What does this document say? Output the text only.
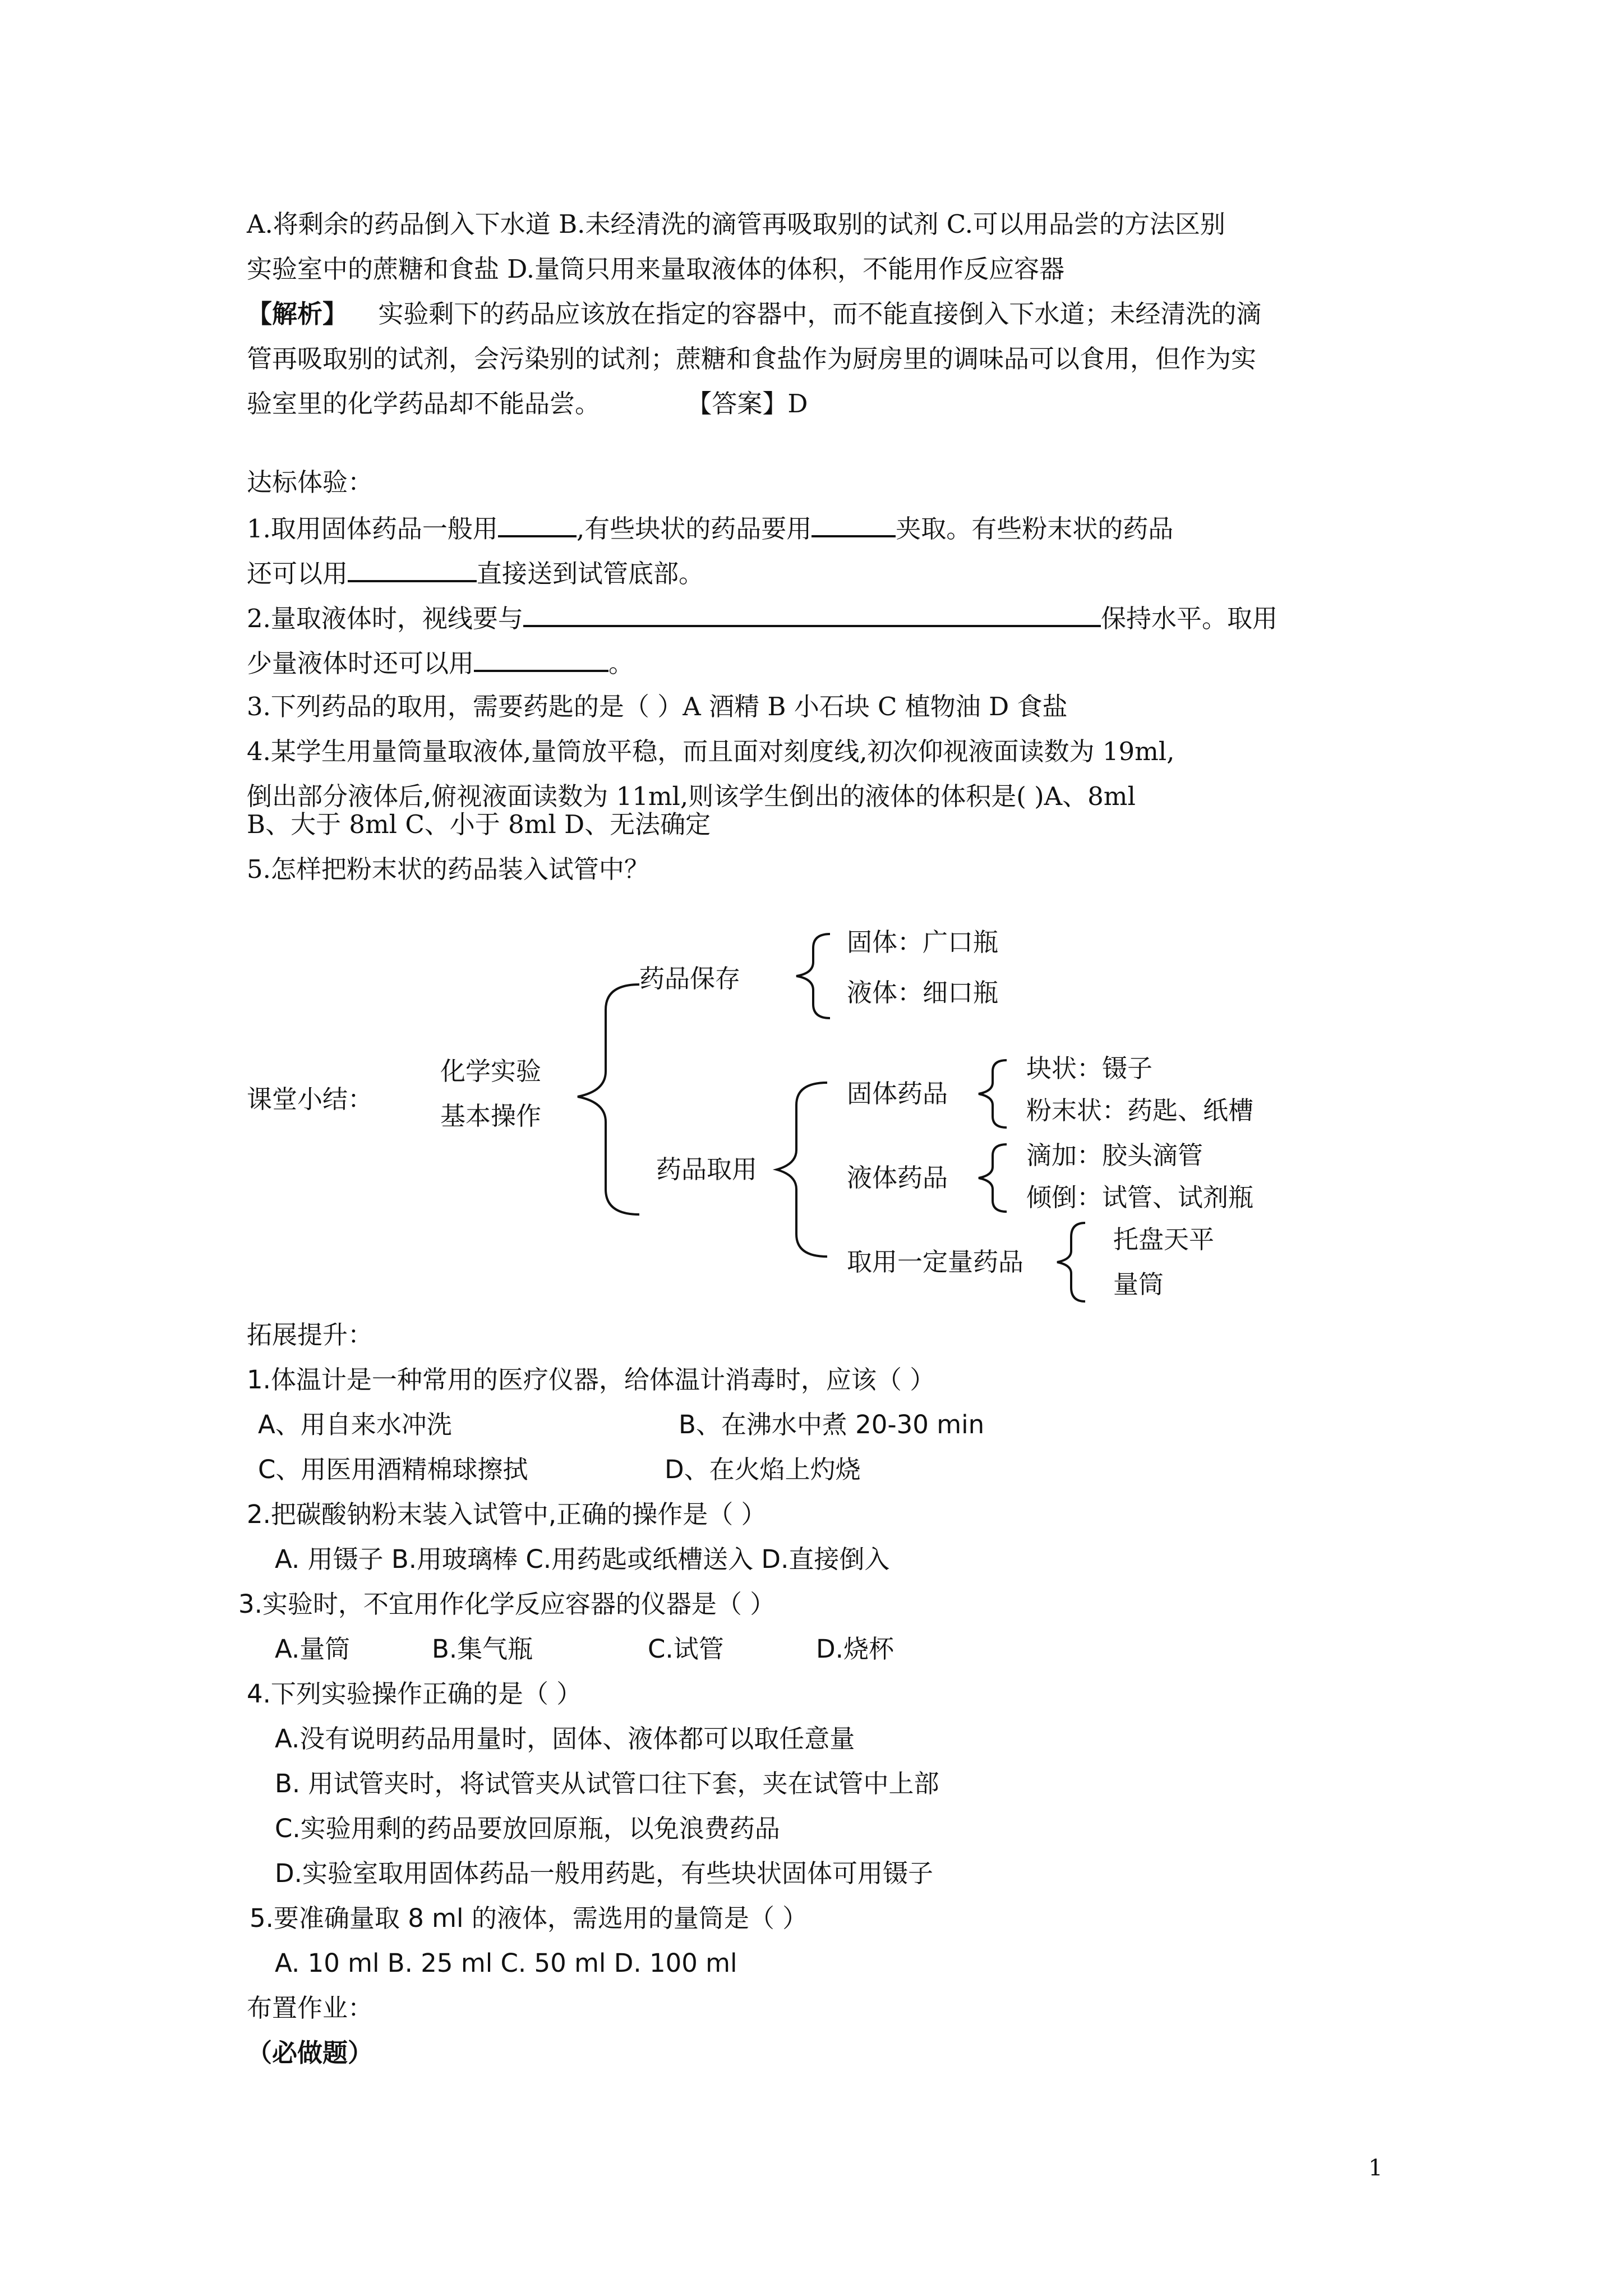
A.将剩余的药品倒入下水道 B.未经清洗的滴管再吸取别的试剂 C.可以用品尝的方法区别
实验室中的蔗糖和食盐 D.量筒只用来量取液体的体积，不能用作反应容器
【解析】 实验剩下的药品应该放在指定的容器中，而不能直接倒入下水道；未经清洗的滴
管再吸取别的试剂，会污染别的试剂；蔗糖和食盐作为厨房里的调味品可以食用，但作为实
验室里的化学药品却不能品尝。	【答案】D
达标体验：
1.取用固体药品一般用	,有些块状的药品要用	夹取。有些粉末状的药品
还可以用	直接送到试管底部。
2.量取液体时，视线要与	保持水平。取用
少量液体时还可以用	。
3.下列药品的取用，需要药匙的是（ ）A 酒精 B 小石块 C 植物油 D 食盐
4.某学生用量筒量取液体,量筒放平稳，而且面对刻度线,初次仰视液面读数为 19ml,
倒出部分液体后,俯视液面读数为 11ml,则该学生倒出的液体的体积是( )A、8ml
B、大于 8ml C、小于 8ml D、无法确定
5.怎样把粉末状的药品装入试管中？
课堂小结：
化学实验
基本操作
药品保存
固体：广口瓶
液体：细口瓶
药品取用
固体药品
块状：镊子
粉末状：药匙、纸槽
液体药品
滴加：胶头滴管
倾倒：试管、试剂瓶
取用一定量药品
托盘天平
量筒
拓展提升：
1.体温计是一种常用的医疗仪器，给体温计消毒时，应该（ ）
A、用自来水冲洗	B、在沸水中煮 20-30 min
C、用医用酒精棉球擦拭	D、在火焰上灼烧
2.把碳酸钠粉末装入试管中,正确的操作是（ ）
A. 用镊子 B.用玻璃棒 C.用药匙或纸槽送入 D.直接倒入
3.实验时，不宜用作化学反应容器的仪器是（ ）
A.量筒	B.集气瓶	C.试管	D.烧杯
4.下列实验操作正确的是（ ）
A.没有说明药品用量时，固体、液体都可以取任意量
B. 用试管夹时，将试管夹从试管口往下套，夹在试管中上部
C.实验用剩的药品要放回原瓶，以免浪费药品
D.实验室取用固体药品一般用药匙，有些块状固体可用镊子
5.要准确量取 8 ml 的液体，需选用的量筒是（ ）
A. 10 ml B. 25 ml C. 50 ml D. 100 ml
布置作业：
（必做题）
1
